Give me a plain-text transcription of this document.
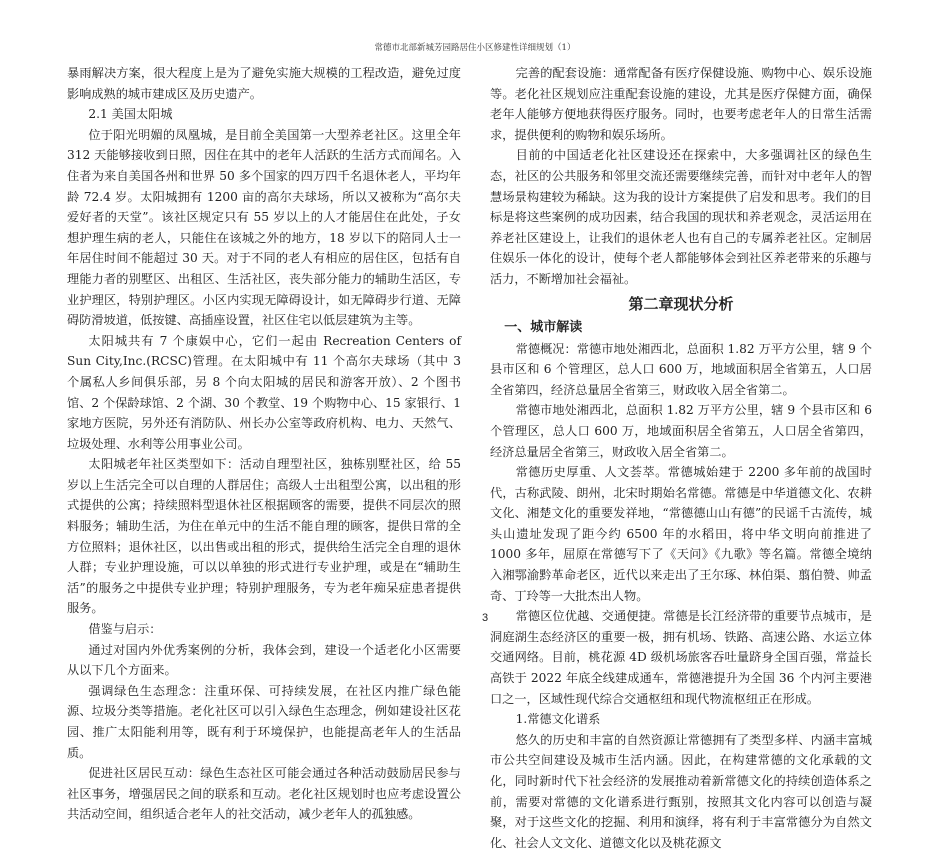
常德市北部新城芳园路居住小区修建性详细规划（1）

暴雨解决方案，很大程度上是为了避免实施大规模的工程改造，避免过度影响成熟的城市建成区及历史遗产。

2.1 美国太阳城

位于阳光明媚的凤凰城，是目前全美国第一大型养老社区。这里全年 312 天能够接收到日照，因住在其中的老年人活跃的生活方式而闻名。入住者为来自美国各州和世界 50 多个国家的四万四千名退休老人，平均年龄 72.4 岁。太阳城拥有 1200 亩的高尔夫球场，所以又被称为“高尔夫爱好者的天堂”。该社区规定只有 55 岁以上的人才能居住在此处，子女想护理生病的老人，只能住在该城之外的地方，18 岁以下的陪同人士一年居住时间不能超过 30 天。对于不同的老人有相应的居住区，包括有自理能力者的别墅区、出租区、生活社区，丧失部分能力的辅助生活区，专业护理区，特别护理区。小区内实现无障碍设计，如无障碍步行道、无障碍防滑坡道，低按键、高插座设置，社区住宅以低层建筑为主等。

太阳城共有 7 个康娱中心，它们一起由 Recreation Centers of Sun City,Inc.(RCSC)管理。在太阳城中有 11 个高尔夫球场（其中 3 个属私人乡间俱乐部，另 8 个向太阳城的居民和游客开放）、2 个图书馆、2 个保龄球馆、2 个湖、30 个教堂、19 个购物中心、15 家银行、1 家地方医院，另外还有消防队、州长办公室等政府机构、电力、天然气、垃圾处理、水利等公用事业公司。

太阳城老年社区类型如下：活动自理型社区，独栋别墅社区，给 55 岁以上生活完全可以自理的人群居住；高级人士出租型公寓，以出租的形式提供的公寓；持续照料型退休社区根据顾客的需要，提供不同层次的照料服务；辅助生活，为住在单元中的生活不能自理的顾客，提供日常的全方位照料；退休社区，以出售或出租的形式，提供给生活完全自理的退休人群；专业护理设施，可以以单独的形式进行专业护理，或是在“辅助生活”的服务之中提供专业护理；特别护理服务，专为老年痴呆症患者提供服务。

借鉴与启示：

通过对国内外优秀案例的分析，我体会到，建设一个适老化小区需要从以下几个方面来。

强调绿色生态理念：注重环保、可持续发展，在社区内推广绿色能源、垃圾分类等措施。老化社区可以引入绿色生态理念，例如建设社区花园、推广太阳能利用等，既有利于环境保护，也能提高老年人的生活品质。

促进社区居民互动：绿色生态社区可能会通过各种活动鼓励居民参与社区事务，增强居民之间的联系和互动。老化社区规划时也应考虑设置公共活动空间，组织适合老年人的社交活动，减少老年人的孤独感。

完善的配套设施：通常配备有医疗保健设施、购物中心、娱乐设施等。老化社区规划应注重配套设施的建设，尤其是医疗保健方面，确保老年人能够方便地获得医疗服务。同时，也要考虑老年人的日常生活需求，提供便利的购物和娱乐场所。

目前的中国适老化社区建设还在探索中，大多强调社区的绿色生态，社区的公共服务和邻里交流还需要继续完善，而针对中老年人的智慧场景构建较为稀缺。这为我的设计方案提供了启发和思考。我们的目标是将这些案例的成功因素，结合我国的现状和养老观念，灵活运用在养老社区建设上，让我们的退休老人也有自己的专属养老社区。定制居住娱乐一体化的设计，使每个老人都能够体会到社区养老带来的乐趣与活力，不断增加社会福祉。

第二章现状分析
一、城市解读

常德概况：常德市地处湘西北，总面积 1.82 万平方公里，辖 9 个县市区和 6 个管理区，总人口 600 万，地域面积居全省第五，人口居全省第四，经济总量居全省第三，财政收入居全省第二。

常德市地处湘西北，总面积 1.82 万平方公里，辖 9 个县市区和 6 个管理区，总人口 600 万，地域面积居全省第五，人口居全省第四，经济总量居全省第三，财政收入居全省第二。

常德历史厚重、人文荟萃。常德城始建于 2200 多年前的战国时代，古称武陵、朗州，北宋时期始名常德。常德是中华道德文化、农耕文化、湘楚文化的重要发祥地，“常德德山山有德”的民谣千古流传，城头山遗址发现了距今约 6500 年的水稻田，将中华文明向前推进了 1000 多年，屈原在常德写下了《天问》《九歌》等名篇。常德全境纳入湘鄂渝黔革命老区，近代以来走出了王尔琢、林伯渠、翦伯赞、帅孟奇、丁玲等一大批杰出人物。

常德区位优越、交通便捷。常德是长江经济带的重要节点城市，是洞庭湖生态经济区的重要一极，拥有机场、铁路、高速公路、水运立体交通网络。目前，桃花源 4D 级机场旅客吞吐量跻身全国百强，常益长高铁于 2022 年底全线建成通车，常德港提升为全国 36 个内河主要港口之一，区域性现代综合交通枢纽和现代物流枢纽正在形成。

1.常德文化谱系

悠久的历史和丰富的自然资源让常德拥有了类型多样、内涵丰富城市公共空间建设及城市生活内涵。因此，在构建常德的文化承载的文化，同时新时代下社会经济的发展推动着新常德文化的持续创造体系之前，需要对常德的文化谱系进行甄别，按照其文化内容可以创造与凝聚，对于这些文化的挖掘、利用和演绎，将有利于丰富常德分为自然文化、社会人文文化、道德文化以及桃花源文

3
